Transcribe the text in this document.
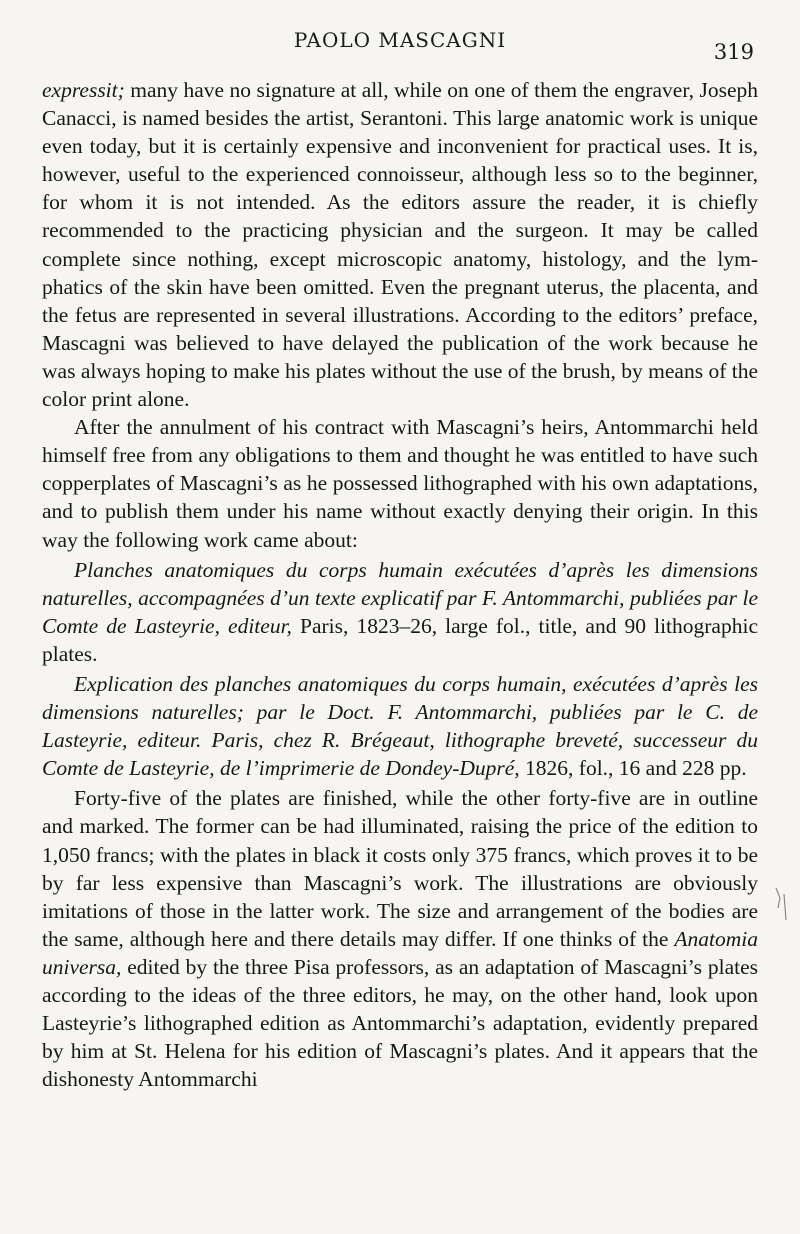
PAOLO MASCAGNI	319

expressit; many have no signature at all, while on one of them the engraver, Joseph Canacci, is named besides the artist, Serantoni. This large anatomic work is unique even today, but it is certainly expensive and inconvenient for practical uses. It is, however, useful to the experienced connoisseur, although less so to the beginner, for whom it is not intended. As the editors assure the reader, it is chiefly recommended to the practicing physician and the surgeon. It may be called complete since nothing, except microscopic anatomy, histology, and the lymphatics of the skin have been omitted. Even the pregnant uterus, the placenta, and the fetus are represented in several illustrations. According to the editors’ preface, Mascagni was believed to have delayed the publication of the work because he was always hoping to make his plates without the use of the brush, by means of the color print alone.

After the annulment of his contract with Mascagni’s heirs, Antommarchi held himself free from any obligations to them and thought he was entitled to have such copperplates of Mascagni’s as he possessed lithographed with his own adaptations, and to publish them under his name without exactly denying their origin. In this way the following work came about:

Planches anatomiques du corps humain exécutées d’après les dimensions naturelles, accompagnées d’un texte explicatif par F. Antommarchi, publiées par le Comte de Lasteyrie, editeur, Paris, 1823–26, large fol., title, and 90 lithographic plates.

Explication des planches anatomiques du corps humain, exécutées d’après les dimensions naturelles; par le Doct. F. Antommarchi, publiées par le C. de Lasteyrie, editeur. Paris, chez R. Brégeaut, lithographe breveté, successeur du Comte de Lasteyrie, de l’imprimerie de Dondey-Dupré, 1826, fol., 16 and 228 pp.

Forty-five of the plates are finished, while the other forty-five are in outline and marked. The former can be had illuminated, raising the price of the edition to 1,050 francs; with the plates in black it costs only 375 francs, which proves it to be by far less expensive than Mascagni’s work. The illustrations are obviously imitations of those in the latter work. The size and arrangement of the bodies are the same, although here and there details may differ. If one thinks of the Anatomia universa, edited by the three Pisa professors, as an adaptation of Mascagni’s plates according to the ideas of the three editors, he may, on the other hand, look upon Lasteyrie’s lithographed edition as Antommarchi’s adaptation, evidently prepared by him at St. Helena for his edition of Mascagni’s plates. And it appears that the dishonesty Antommarchi
